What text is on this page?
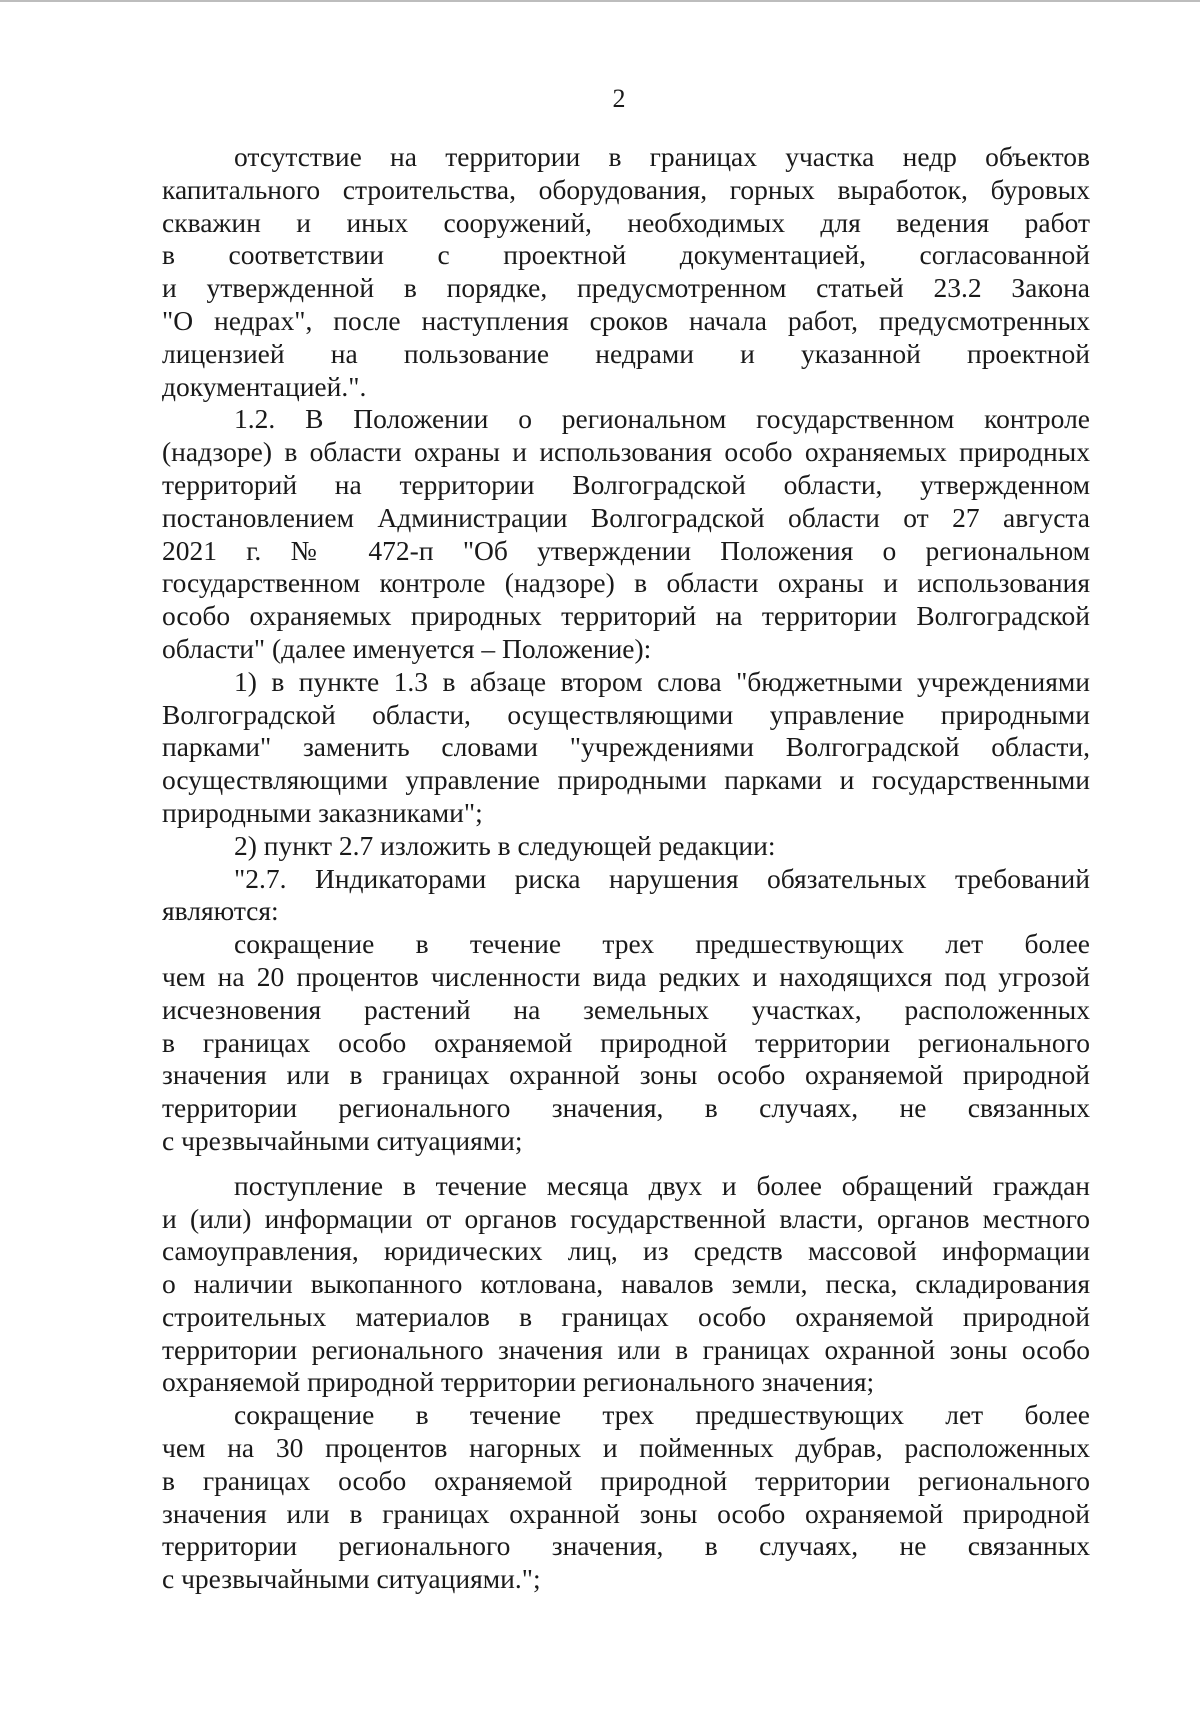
2
отсутствие на территории в границах участка недр объектов
капитального строительства, оборудования, горных выработок, буровых
скважин и иных сооружений, необходимых для ведения работ
в соответствии с проектной документацией, согласованной
и утвержденной в порядке, предусмотренном статьей 23.2 Закона
"О недрах", после наступления сроков начала работ, предусмотренных
лицензией на пользование недрами и указанной проектной
документацией.".
1.2. В Положении о региональном государственном контроле
(надзоре) в области охраны и использования особо охраняемых природных
территорий на территории Волгоградской области, утвержденном
постановлением Администрации Волгоградской области от 27 августа
2021 г. № 472-п "Об утверждении Положения о региональном
государственном контроле (надзоре) в области охраны и использования
особо охраняемых природных территорий на территории Волгоградской
области" (далее именуется – Положение):
1) в пункте 1.3 в абзаце втором слова "бюджетными учреждениями
Волгоградской области, осуществляющими управление природными
парками" заменить словами "учреждениями Волгоградской области,
осуществляющими управление природными парками и государственными
природными заказниками";
2) пункт 2.7 изложить в следующей редакции:
"2.7. Индикаторами риска нарушения обязательных требований
являются:
сокращение в течение трех предшествующих лет более
чем на 20 процентов численности вида редких и находящихся под угрозой
исчезновения растений на земельных участках, расположенных
в границах особо охраняемой природной территории регионального
значения или в границах охранной зоны особо охраняемой природной
территории регионального значения, в случаях, не связанных
с чрезвычайными ситуациями;
поступление в течение месяца двух и более обращений граждан
и (или) информации от органов государственной власти, органов местного
самоуправления, юридических лиц, из средств массовой информации
о наличии выкопанного котлована, навалов земли, песка, складирования
строительных материалов в границах особо охраняемой природной
территории регионального значения или в границах охранной зоны особо
охраняемой природной территории регионального значения;
сокращение в течение трех предшествующих лет более
чем на 30 процентов нагорных и пойменных дубрав, расположенных
в границах особо охраняемой природной территории регионального
значения или в границах охранной зоны особо охраняемой природной
территории регионального значения, в случаях, не связанных
с чрезвычайными ситуациями.";
